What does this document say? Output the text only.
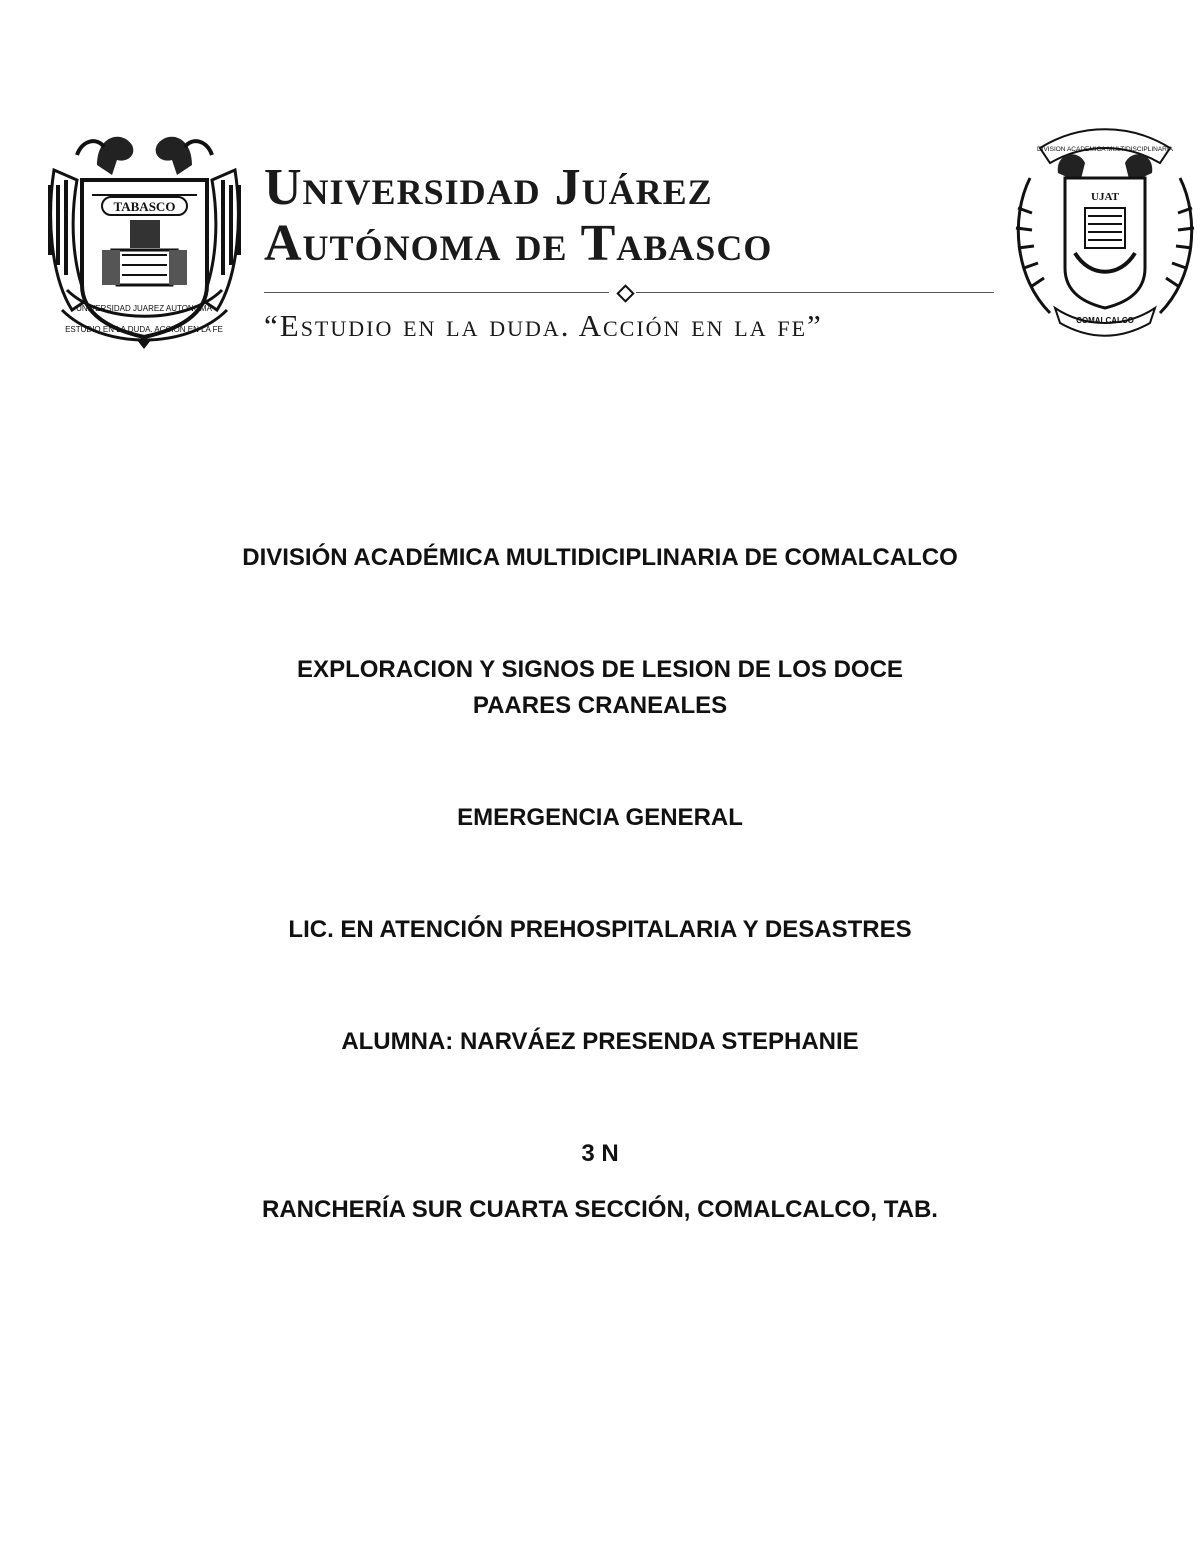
TABASCO
UNIVERSIDAD JUAREZ AUTONOMA
ESTUDIO EN LA DUDA. ACCION EN LA FE

Universidad Juárez

Autónoma de Tabasco

“Estudio en la duda. Acción en la fe”

DIVISION ACADEMICA MULTIDISCIPLINARIA
UJAT
COMALCALCO

DIVISIÓN ACADÉMICA MULTIDICIPLINARIA DE COMALCALCO

EXPLORACION Y SIGNOS DE LESION DE LOS DOCE PAARES CRANEALES

EMERGENCIA GENERAL

LIC. EN ATENCIÓN PREHOSPITALARIA Y DESASTRES

ALUMNA: NARVÁEZ PRESENDA STEPHANIE

3 N

RANCHERÍA SUR CUARTA SECCIÓN, COMALCALCO, TAB.
